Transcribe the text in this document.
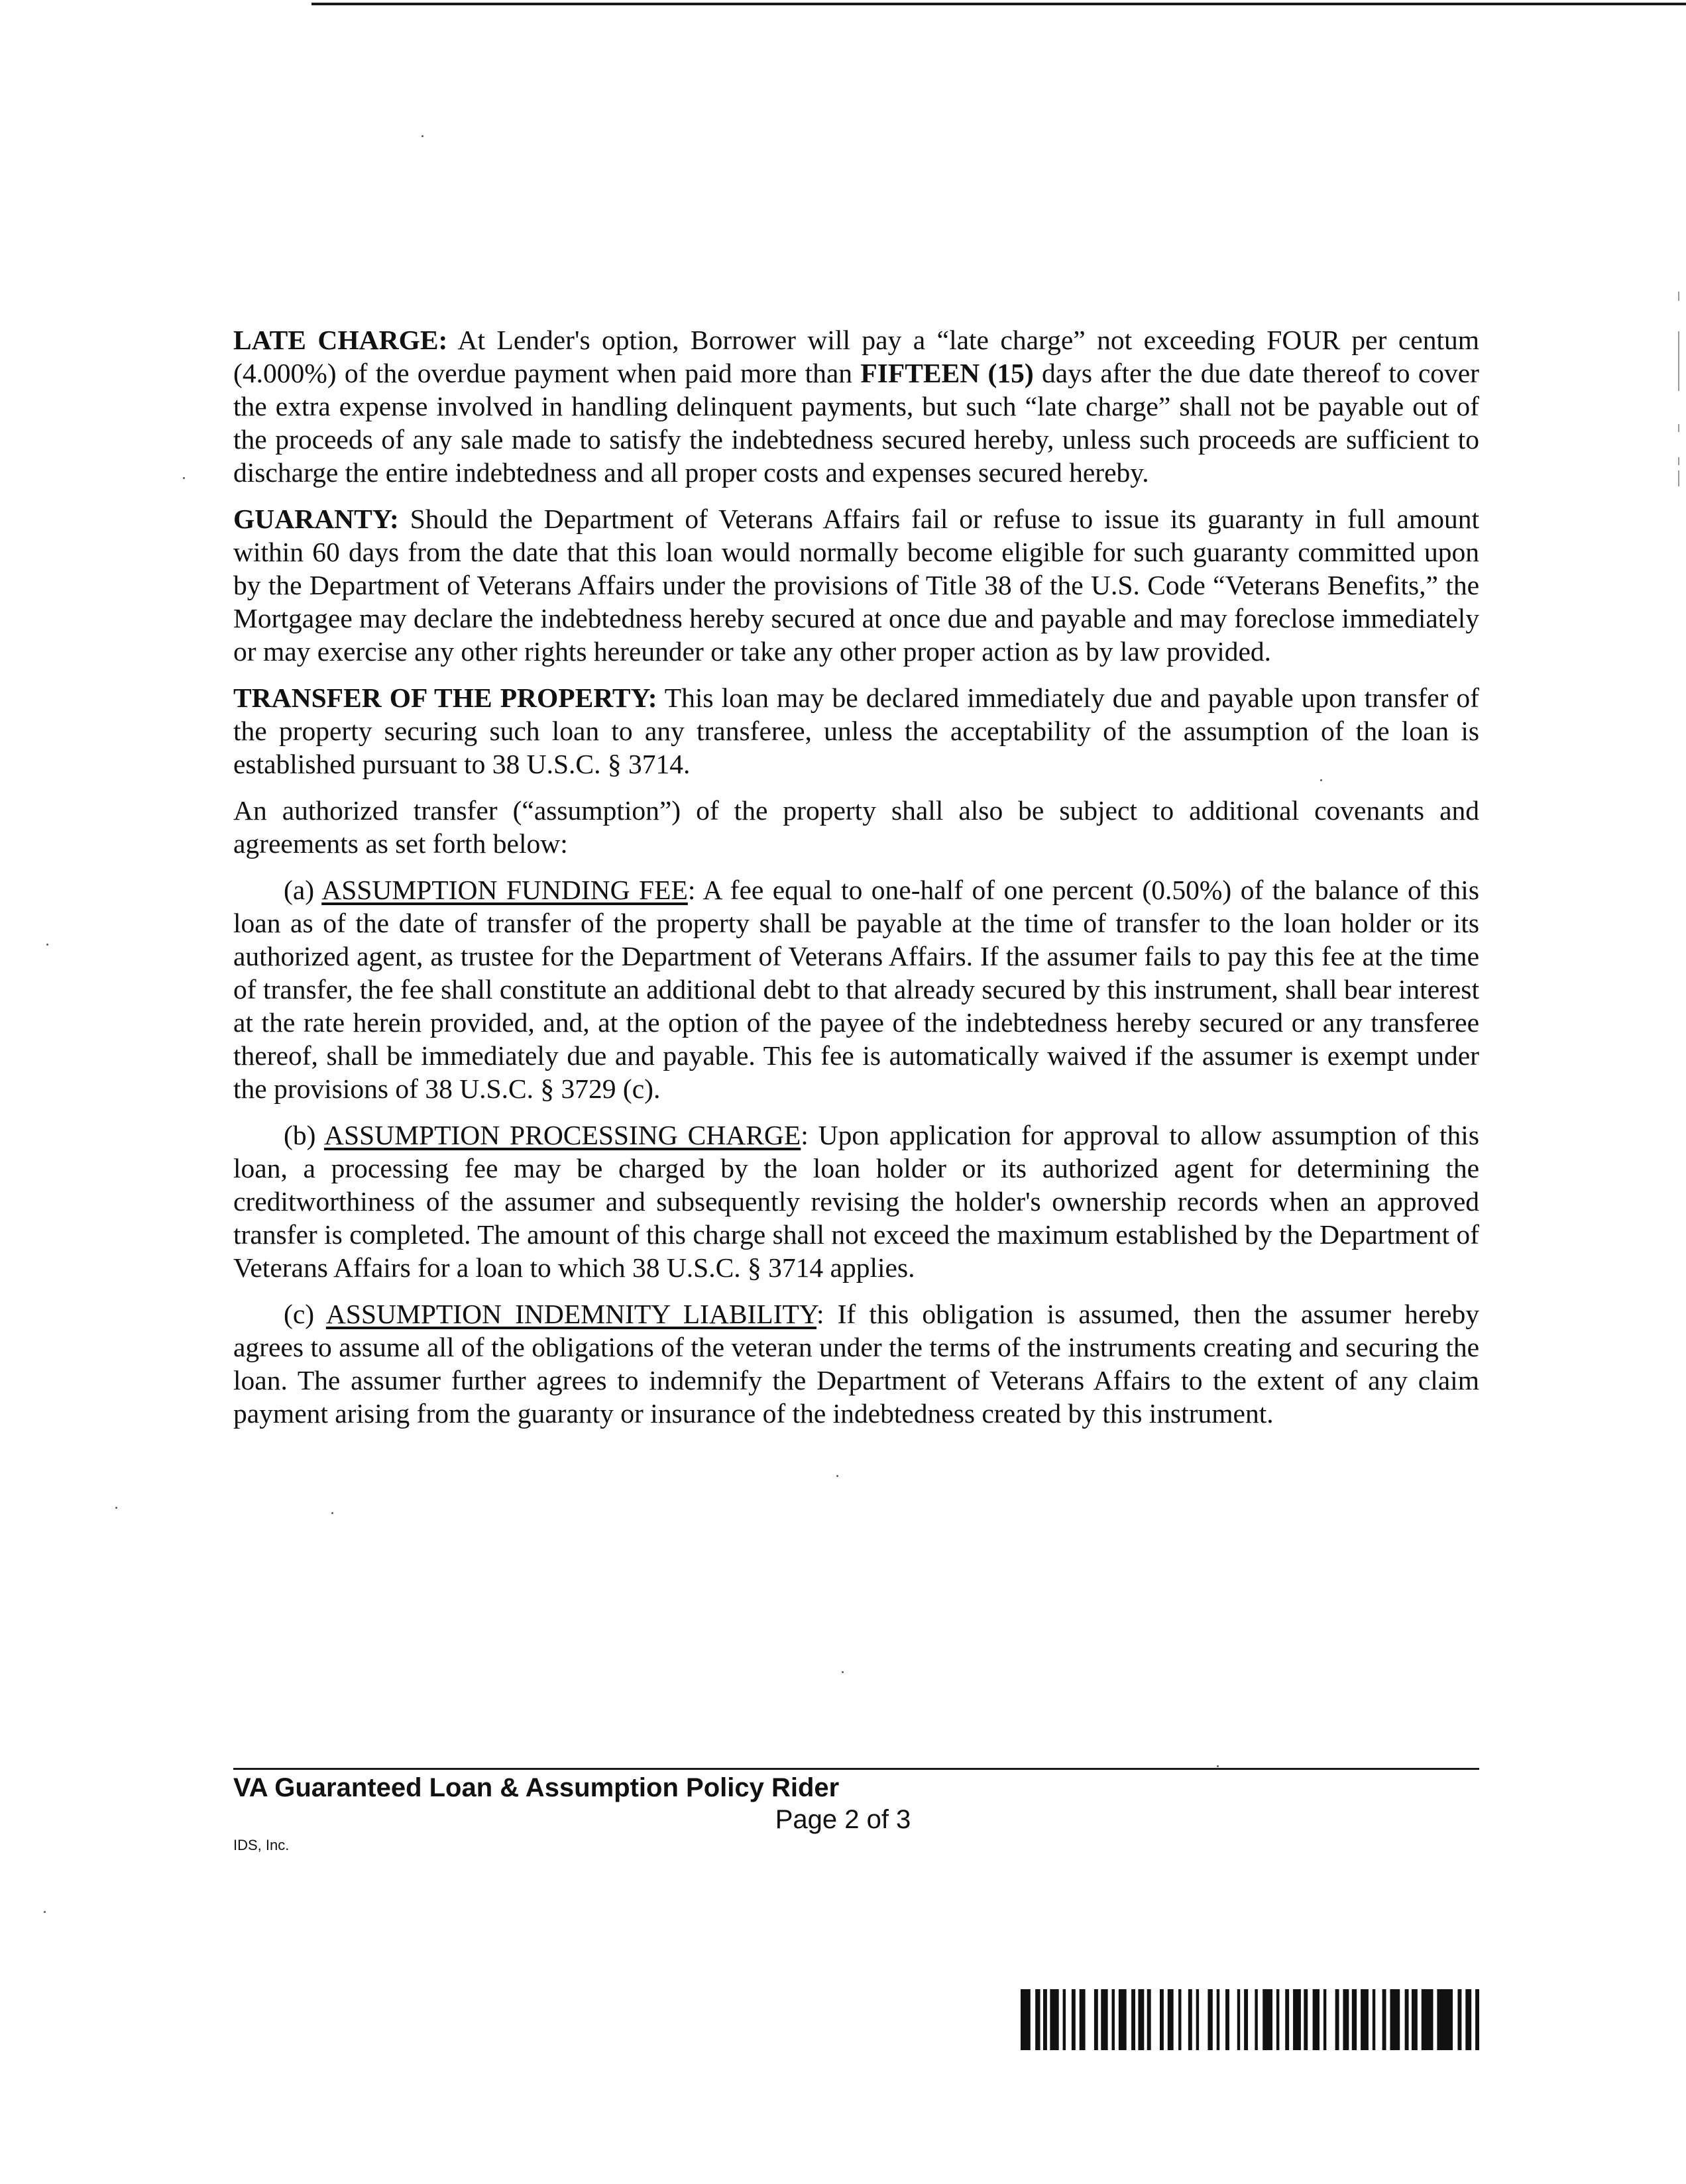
LATE CHARGE: At Lender's option, Borrower will pay a “late charge” not exceeding FOUR per centum (4.000%) of the overdue payment when paid more than FIFTEEN (15) days after the due date thereof to cover the extra expense involved in handling delinquent payments, but such “late charge” shall not be payable out of the proceeds of any sale made to satisfy the indebtedness secured hereby, unless such proceeds are sufficient to discharge the entire indebtedness and all proper costs and expenses secured hereby.

GUARANTY: Should the Department of Veterans Affairs fail or refuse to issue its guaranty in full amount within 60 days from the date that this loan would normally become eligible for such guaranty committed upon by the Department of Veterans Affairs under the provisions of Title 38 of the U.S. Code “Veterans Benefits,” the Mortgagee may declare the indebtedness hereby secured at once due and payable and may foreclose immediately or may exercise any other rights hereunder or take any other proper action as by law provided.

TRANSFER OF THE PROPERTY: This loan may be declared immediately due and payable upon transfer of the property securing such loan to any transferee, unless the acceptability of the assumption of the loan is established pursuant to 38 U.S.C. § 3714.

An authorized transfer (“assumption”) of the property shall also be subject to additional covenants and agreements as set forth below:

(a) ASSUMPTION FUNDING FEE: A fee equal to one-half of one percent (0.50%) of the balance of this loan as of the date of transfer of the property shall be payable at the time of transfer to the loan holder or its authorized agent, as trustee for the Department of Veterans Affairs. If the assumer fails to pay this fee at the time of transfer, the fee shall constitute an additional debt to that already secured by this instrument, shall bear interest at the rate herein provided, and, at the option of the payee of the indebtedness hereby secured or any transferee thereof, shall be immediately due and payable. This fee is automatically waived if the assumer is exempt under the provisions of 38 U.S.C. § 3729 (c).

(b) ASSUMPTION PROCESSING CHARGE: Upon application for approval to allow assumption of this loan, a processing fee may be charged by the loan holder or its authorized agent for determining the creditworthiness of the assumer and subsequently revising the holder's ownership records when an approved transfer is completed. The amount of this charge shall not exceed the maximum established by the Department of Veterans Affairs for a loan to which 38 U.S.C. § 3714 applies.

(c) ASSUMPTION INDEMNITY LIABILITY: If this obligation is assumed, then the assumer hereby agrees to assume all of the obligations of the veteran under the terms of the instruments creating and securing the loan. The assumer further agrees to indemnify the Department of Veterans Affairs to the extent of any claim payment arising from the guaranty or insurance of the indebtedness created by this instrument.

VA Guaranteed Loan & Assumption Policy Rider
Page 2 of 3
IDS, Inc.
